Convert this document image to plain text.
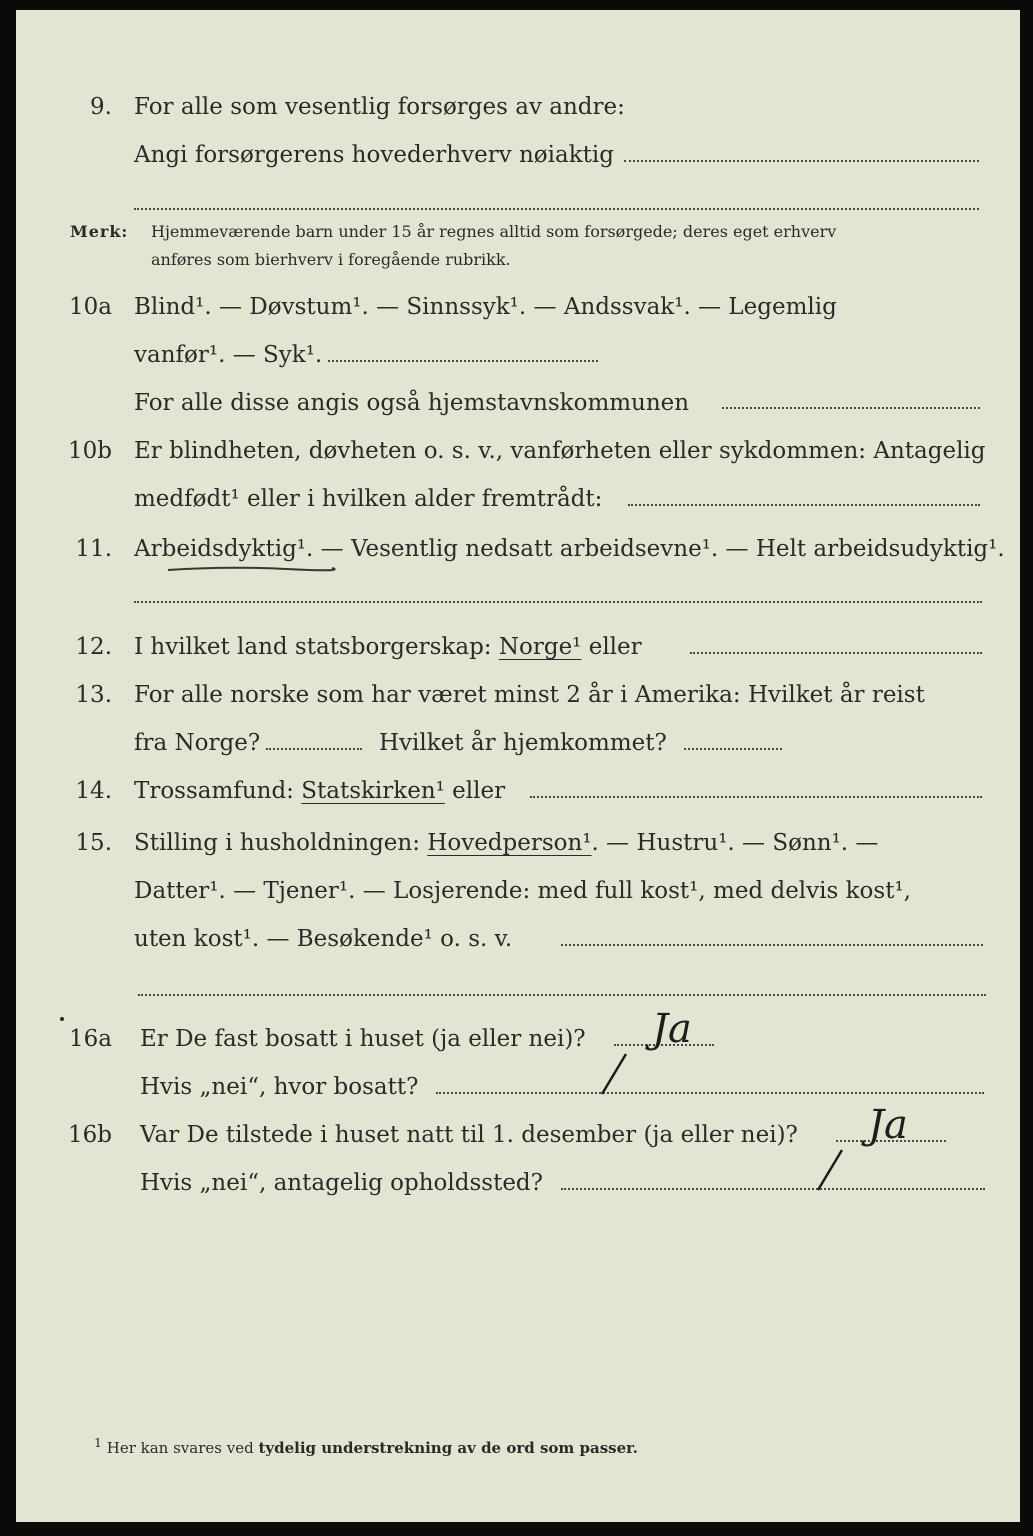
9. For alle som vesentlig forsørges av andre:
Angi forsørgerens hovederhverv nøiaktig
Merk: Hjemmeværende barn under 15 år regnes alltid som forsørgede; deres eget erhverv
anføres som bierhverv i foregående rubrikk.
10a Blind¹. — Døvstum¹. — Sinnssyk¹. — Andssvak¹. — Legemlig
vanfør¹. — Syk¹.
For alle disse angis også hjemstavnskommunen
10b Er blindheten, døvheten o. s. v., vanførheten eller sykdommen: Antagelig
medfødt¹ eller i hvilken alder fremtrådt:
11. Arbeidsdyktig¹. — Vesentlig nedsatt arbeidsevne¹. — Helt arbeidsudyktig¹.
12. I hvilket land statsborgerskap: Norge¹ eller
13. For alle norske som har været minst 2 år i Amerika: Hvilket år reist
fra Norge?	Hvilket år hjemkommet?
14. Trossamfund: Statskirken¹ eller
15. Stilling i husholdningen: Hovedperson¹. — Hustru¹. — Sønn¹. —
Datter¹. — Tjener¹. — Losjerende: med full kost¹, med delvis kost¹,
uten kost¹. — Besøkende¹ o. s. v.
16a Er De fast bosatt i huset (ja eller nei)? Ja
Hvis „nei“, hvor bosatt?
16b Var De tilstede i huset natt til 1. desember (ja eller nei)? Ja
Hvis „nei“, antagelig opholdssted?
$^1$ Her kan svares ved tydelig understrekning av de ord som passer.
